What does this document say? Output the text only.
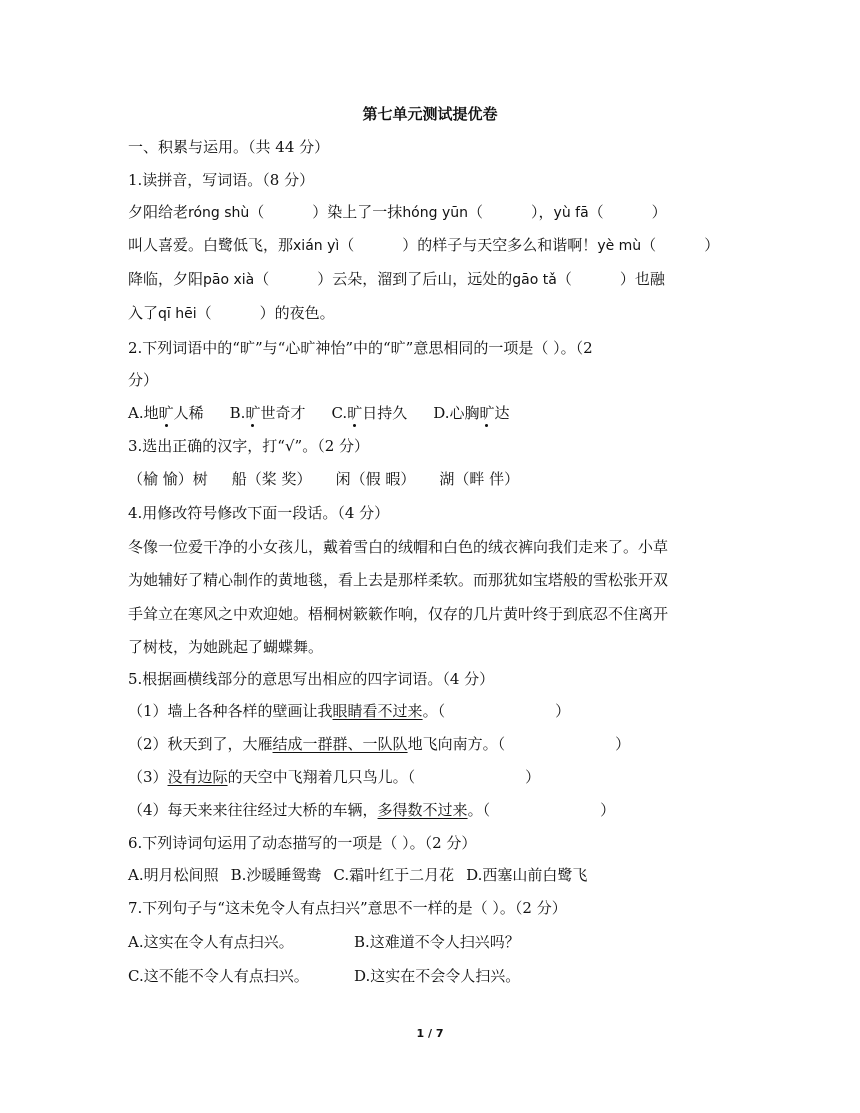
第七单元测试提优卷
一、积累与运用。（共 44 分）
1.读拼音，写词语。（8 分）
夕阳给老róng shù（	）染上了一抹hóng yūn（	），yù fā（	）
叫人喜爱。白鹭低飞，那xián yì（	）的样子与天空多么和谐啊！yè mù（	）
降临，夕阳pāo xià（	）云朵，溜到了后山，远处的gāo tǎ（	）也融
入了qī hēi（	）的夜色。
2.下列词语中的“旷”与“心旷神怡”中的“旷”意思相同的一项是（ ）。（2
分）
A.地旷人稀 B.旷世奇才 C.旷日持久 D.心胸旷达
3.选出正确的汉字，打“√”。（2 分）
（榆 愉）树 船（桨 奖） 闲（假 暇） 湖（畔 伴）
4.用修改符号修改下面一段话。（4 分）
冬像一位爱干净的小女孩儿，戴着雪白的绒帽和白色的绒衣裤向我们走来了。小草
为她辅好了精心制作的黄地毯，看上去是那样柔软。而那犹如宝塔般的雪松张开双
手耸立在寒风之中欢迎她。梧桐树簌簌作响，仅存的几片黄叶终于到底忍不住离开
了树枝，为她跳起了蝴蝶舞。
5.根据画横线部分的意思写出相应的四字词语。（4 分）
（1）墙上各种各样的壁画让我眼睛看不过来。（	）
（2）秋天到了，大雁结成一群群、一队队地飞向南方。（	）
（3）没有边际的天空中飞翔着几只鸟儿。（	）
（4）每天来来往往经过大桥的车辆，多得数不过来。（	）
6.下列诗词句运用了动态描写的一项是（ ）。（2 分）
A.明月松间照 B.沙暖睡鸳鸯 C.霜叶红于二月花 D.西塞山前白鹭飞
7.下列句子与“这未免令人有点扫兴”意思不一样的是（ ）。（2 分）
A.这实在令人有点扫兴。	B.这难道不令人扫兴吗？
C.这不能不令人有点扫兴。	D.这实在不会令人扫兴。
1 / 7
